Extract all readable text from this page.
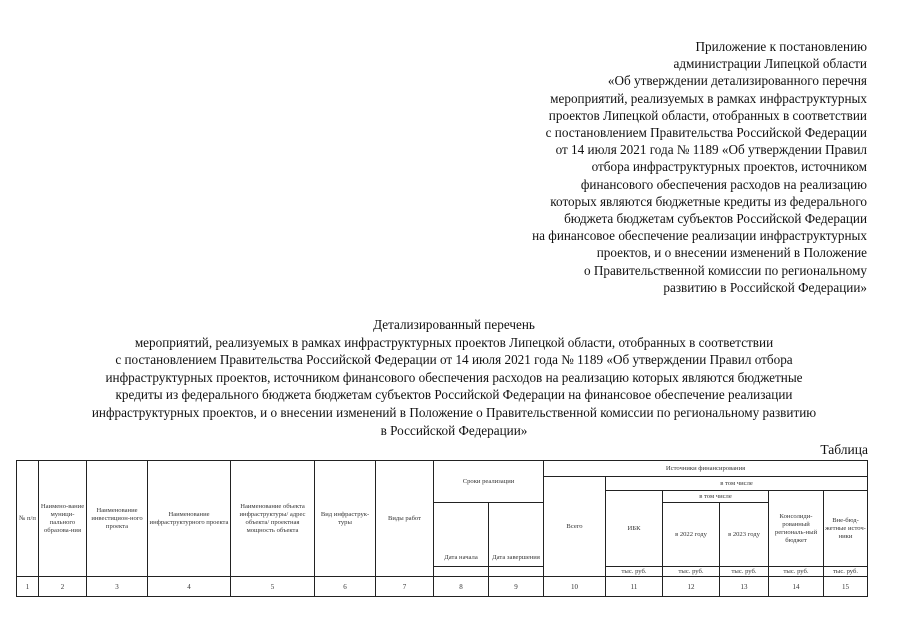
Приложение к постановлению
администрации Липецкой области
«Об утверждении детализированного перечня
мероприятий, реализуемых в рамках инфраструктурных
проектов Липецкой области, отобранных в соответствии
с постановлением Правительства Российской Федерации
от 14 июля 2021 года № 1189 «Об утверждении Правил
отбора инфраструктурных проектов, источником
финансового обеспечения расходов на реализацию
которых являются бюджетные кредиты из федерального
бюджета бюджетам субъектов Российской Федерации
на финансовое обеспечение реализации инфраструктурных
проектов, и о внесении изменений в Положение
о Правительственной комиссии по региональному
развитию в Российской Федерации»
Детализированный перечень
мероприятий, реализуемых в рамках инфраструктурных проектов Липецкой области, отобранных в соответствии
с постановлением Правительства Российской Федерации от 14 июля 2021 года № 1189 «Об утверждении Правил отбора
инфраструктурных проектов, источником финансового обеспечения расходов на реализацию которых являются бюджетные
кредиты из федерального бюджета бюджетам субъектов Российской Федерации на финансовое обеспечение реализации
инфраструктурных проектов, и о внесении изменений в Положение о Правительственной комиссии по региональному развитию
в Российской Федерации»
Таблица
№ п/п	Наимено-вание муници-пального образова-ния	Наименование инвестицион-ного проекта	Наименование инфраструктурного проекта	Наименование объекта инфраструктуры/ адрес объекта/ проектная мощность объекта	Вид инфраструк-туры	Виды работ	Сроки реализации		Источники финансирования					
									Всего	в том числе				
										ИБК	в том числе		Консолиди-рованный региональ-ный бюджет	Вне-бюд-жетные источ-ники
							Дата начала	Дата завершения			в 2022 году	в 2023 году		
										тыс. руб.	тыс. руб.	тыс. руб.	тыс. руб.	тыс. руб.
1	2	3	4	5	6	7	8	9	10	11	12	13	14	15
